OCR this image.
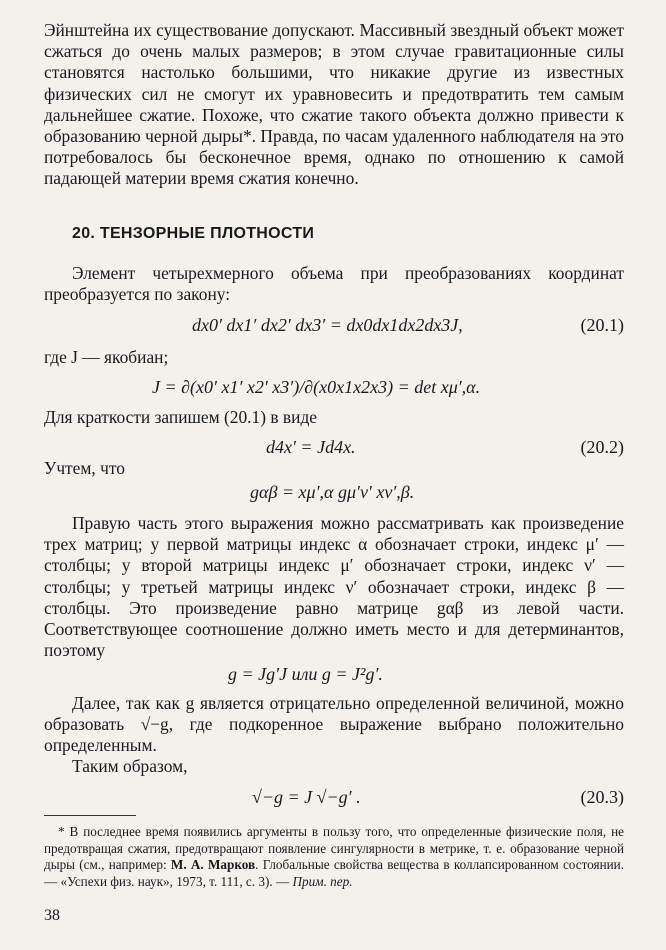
Эйнштейна их существование допускают. Массивный звездный объект может сжаться до очень малых размеров; в этом случае гравитационные силы становятся настолько большими, что никакие другие из известных физических сил не смогут их уравновесить и предотвратить тем самым дальнейшее сжатие. Похоже, что сжатие такого объекта должно привести к образованию черной дыры*. Правда, по часам удаленного наблюдателя на это потребовалось бы бесконечное время, однако по отношению к самой падающей материи время сжатия конечно.

20. ТЕНЗОРНЫЕ ПЛОТНОСТИ

Элемент четырехмерного объема при преобразованиях координат преобразуется по закону:

dx0′ dx1′ dx2′ dx3′ = dx0dx1dx2dx3J,	(20.1)
где J — якобиан;
J = ∂(x0′ x1′ x2′ x3′)/∂(x0x1x2x3) = det xμ′,α.
Для краткости запишем (20.1) в виде
d4x′ = Jd4x.	(20.2)
Учтем, что
gαβ = xμ′,α gμ′ν′ xν′,β.

Правую часть этого выражения можно рассматривать как произведение трех матриц; у первой матрицы индекс α обозначает строки, индекс μ′ — столбцы; у второй матрицы индекс μ′ обозначает строки, индекс ν′ — столбцы; у третьей матрицы индекс ν′ обозначает строки, индекс β — столбцы. Это произведение равно матрице gαβ из левой части. Соответствующее соотношение должно иметь место и для детерминантов, поэтому

g = Jg′J или g = J²g′.

Далее, так как g является отрицательно определенной величиной, можно образовать √−g, где подкоренное выражение выбрано положительно определенным.

Таким образом,
√−g = J √−g′ .	(20.3)

* В последнее время появились аргументы в пользу того, что определенные физические поля, не предотвращая сжатия, предотвращают появление сингулярности в метрике, т. е. образование черной дыры (см., например: М. А. Марков. Глобальные свойства вещества в коллапсированном состоянии.— «Успехи физ. наук», 1973, т. 111, с. 3). — Прим. пер.

38
